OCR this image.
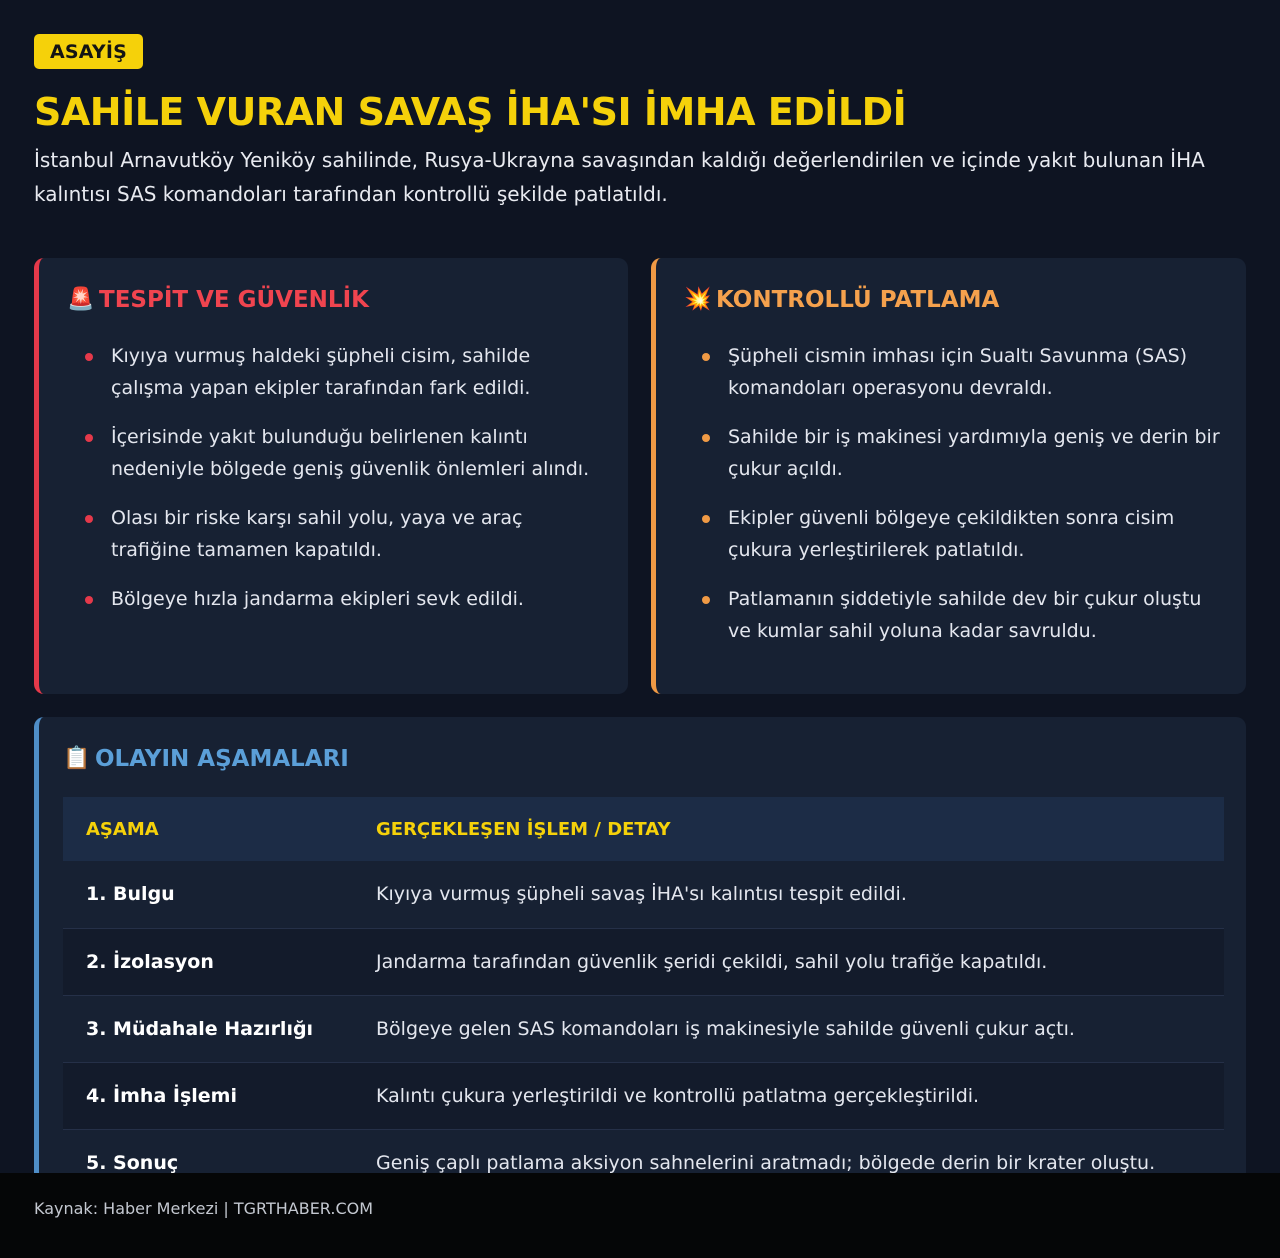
ASAYİŞ
SAHİLE VURAN SAVAŞ İHA'SI İMHA EDİLDİ

İstanbul Arnavutköy Yeniköy sahilinde, Rusya-Ukrayna savaşından kaldığı değerlendirilen ve içinde yakıt bulunan İHA kalıntısı SAS komandoları tarafından kontrollü şekilde patlatıldı.

🚨 TESPİT VE GÜVENLİK
Kıyıya vurmuş haldeki şüpheli cisim, sahilde çalışma yapan ekipler tarafından fark edildi.
İçerisinde yakıt bulunduğu belirlenen kalıntı nedeniyle bölgede geniş güvenlik önlemleri alındı.
Olası bir riske karşı sahil yolu, yaya ve araç trafiğine tamamen kapatıldı.
Bölgeye hızla jandarma ekipleri sevk edildi.
💥 KONTROLLÜ PATLAMA
Şüpheli cismin imhası için Sualtı Savunma (SAS) komandoları operasyonu devraldı.
Sahilde bir iş makinesi yardımıyla geniş ve derin bir çukur açıldı.
Ekipler güvenli bölgeye çekildikten sonra cisim çukura yerleştirilerek patlatıldı.
Patlamanın şiddetiyle sahilde dev bir çukur oluştu ve kumlar sahil yoluna kadar savruldu.
📋 OLAYIN AŞAMALARI
AŞAMA	GERÇEKLEŞEN İŞLEM / DETAY
1. Bulgu	Kıyıya vurmuş şüpheli savaş İHA'sı kalıntısı tespit edildi.
2. İzolasyon	Jandarma tarafından güvenlik şeridi çekildi, sahil yolu trafiğe kapatıldı.
3. Müdahale Hazırlığı	Bölgeye gelen SAS komandoları iş makinesiyle sahilde güvenli çukur açtı.
4. İmha İşlemi	Kalıntı çukura yerleştirildi ve kontrollü patlatma gerçekleştirildi.
5. Sonuç	Geniş çaplı patlama aksiyon sahnelerini aratmadı; bölgede derin bir krater oluştu.
Kaynak: Haber Merkezi | TGRTHABER.COM
